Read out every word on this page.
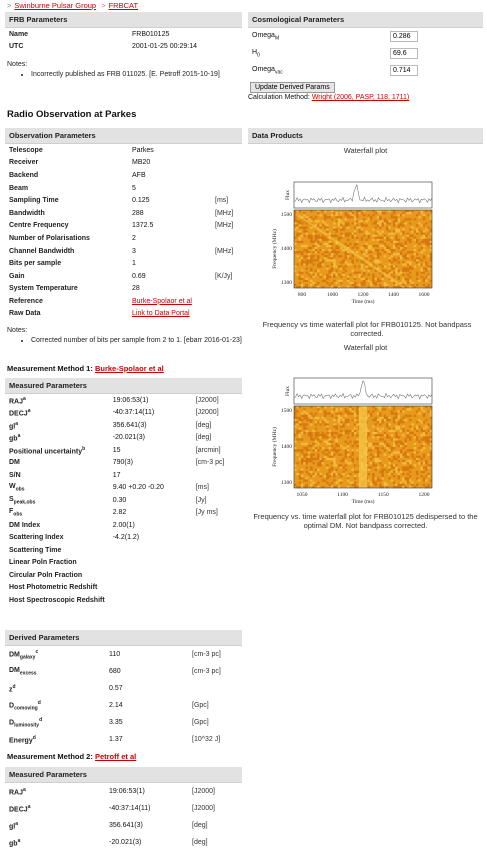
> Swinburne Pulsar Group > FRBCAT
FRB Parameters
Name	FRB010125
UTC	2001-01-25 00:29:14
Notes:
• Incorrectly published as FRB 011025. [E. Petroff 2015-10-19]
Cosmological Parameters
Omega$_M$	0.286
$H_0$	69.6
Omega$_{vac}$	0.714
Update Derived Params
Calculation Method: Wright (2006, PASP, 118, 1711)
Radio Observation at Parkes
Observation Parameters
Telescope	Parkes	
Receiver	MB20	
Backend	AFB	
Beam	5	
Sampling Time	0.125	[ms]
Bandwidth	288	[MHz]
Centre Frequency	1372.5	[MHz]
Number of Polarisations	2	
Channel Bandwidth	3	[MHz]
Bits per sample	1	
Gain	0.69	[K/Jy]
System Temperature	28	
Reference	Burke-Spolaor et al
Raw Data	Link to Data Portal
Notes:
• Corrected number of bits per sample from 2 to 1. [ebarr 2016-01-23]
Data Products
Waterfall plot
1500
1400
1300
800	1000	1200	1400	1600
Time (ms)
Frequency (MHz)
Flux
Frequency vs time waterfall plot for FRB010125. Not bandpass corrected.
Waterfall plot
1500
1400
1300
1050	1100	1150	1200
Time (ms)
Frequency (MHz)
Flux
Frequency vs. time waterfall plot for FRB010125 dedispersed to the optimal DM. Not bandpass corrected.
Measurement Method 1: Burke-Spolaor et al
Measured Parameters
RAJ$^a$	19:06:53(1)	[J2000]
DECJ$^a$	-40:37:14(11)	[J2000]
$gl^a$	356.641(3)	[deg]
$gb^a$	-20.021(3)	[deg]
Positional uncertainty$^b$	15	[arcmin]
DM	790(3)	[cm-3 pc]
S/N	17	
$W_{obs}$	9.40 +0.20 -0.20	[ms]
$S_{peak,obs}$	0.30	[Jy]
$F_{obs}$	2.82	[Jy ms]
DM Index	2.00(1)	
Scattering Index	-4.2(1.2)	
Scattering Time		
Linear Poln Fraction		
Circular Poln Fraction		
Host Photometric Redshift		
Host Spectroscopic Redshift		
Derived Parameters
$DM_{galaxy}^c$	110	[cm-3 pc]
$DM_{excess}$	680	[cm-3 pc]
$z^d$	0.57	
$D_{comoving}^d$	2.14	[Gpc]
$D_{luminosity}^d$	3.35	[Gpc]
Energy$^d$	1.37	[10^32 J]
Measurement Method 2: Petroff et al
Measured Parameters
RAJ$^a$	19:06:53(1)	[J2000]
DECJ$^a$	-40:37:14(11)	[J2000]
$gl^a$	356.641(3)	[deg]
$gb^a$	-20.021(3)	[deg]
